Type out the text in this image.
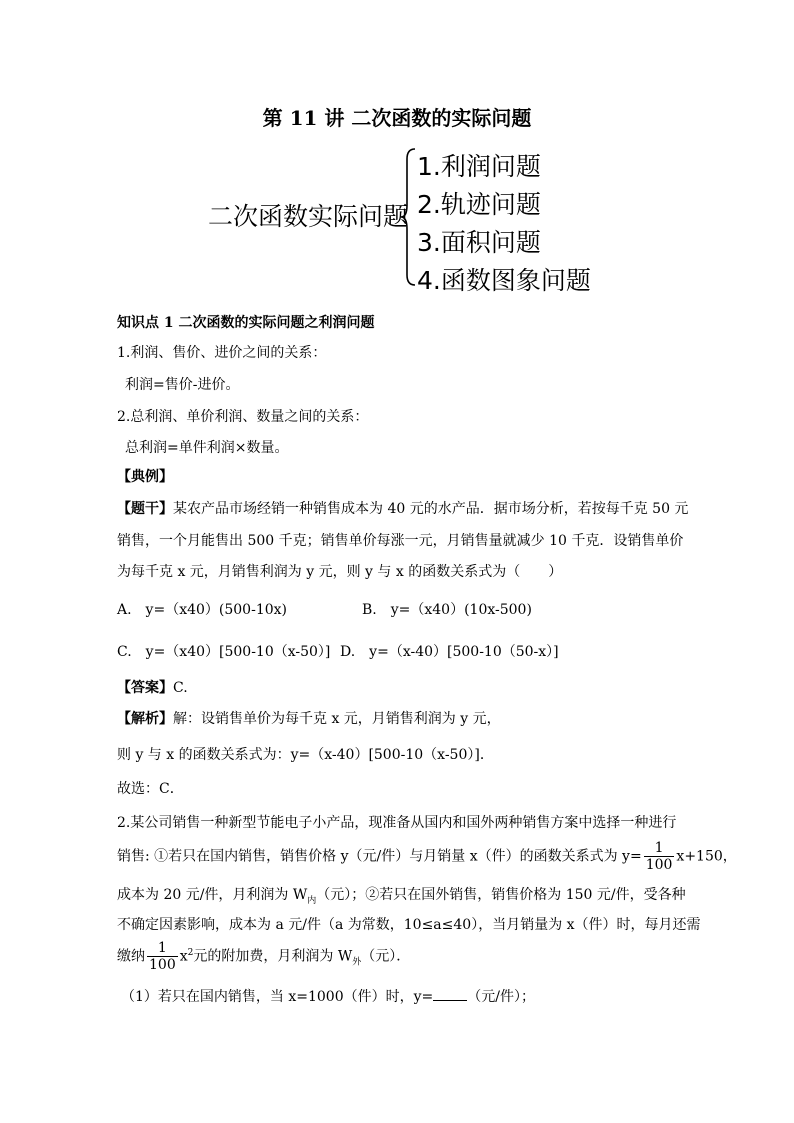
第 11 讲 二次函数的实际问题
二次函数实际问题
1.利润问题
2.轨迹问题
3.面积问题
4.函数图象问题
知识点 1 二次函数的实际问题之利润问题
1.利润、售价、进价之间的关系：
利润=售价-进价。
2.总利润、单价利润、数量之间的关系：
总利润=单件利润×数量。
【典例】
【题干】某农产品市场经销一种销售成本为 40 元的水产品．据市场分析，若按每千克 50 元
销售，一个月能售出 500 千克；销售单价每涨一元，月销售量就减少 10 千克．设销售单价
为每千克 x 元，月销售利润为 y 元，则 y 与 x 的函数关系式为（　　）
A.　y=（x40）(500-10x)	B.　y=（x40）(10x-500)
C.　y=（x40）[500-10（x-50）] D.　y=（x-40）[500-10（50-x）]
【答案】C.
【解析】解：设销售单价为每千克 x 元，月销售利润为 y 元，
则 y 与 x 的函数关系式为：y=（x-40）[500-10（x-50）]．
故选：C．
2.某公司销售一种新型节能电子小产品，现准备从国内和国外两种销售方案中选择一种进行
销售: ①若只在国内销售，销售价格 y（元/件）与月销量 x（件）的函数关系式为 $y= \frac{1}{100} x+150$，
成本为 20 元/件，月利润为 $W_内$（元）；②若只在国外销售，销售价格为 150 元/件，受各种
不确定因素影响，成本为 a 元/件（a 为常数，10≤a≤40），当月销量为 x（件）时，每月还需
缴纳 $\frac{1}{100} x^2$元的附加费，月利润为 $W_外$（元）．
（1）若只在国内销售，当 x=1000（件）时，y= （元/件）；
